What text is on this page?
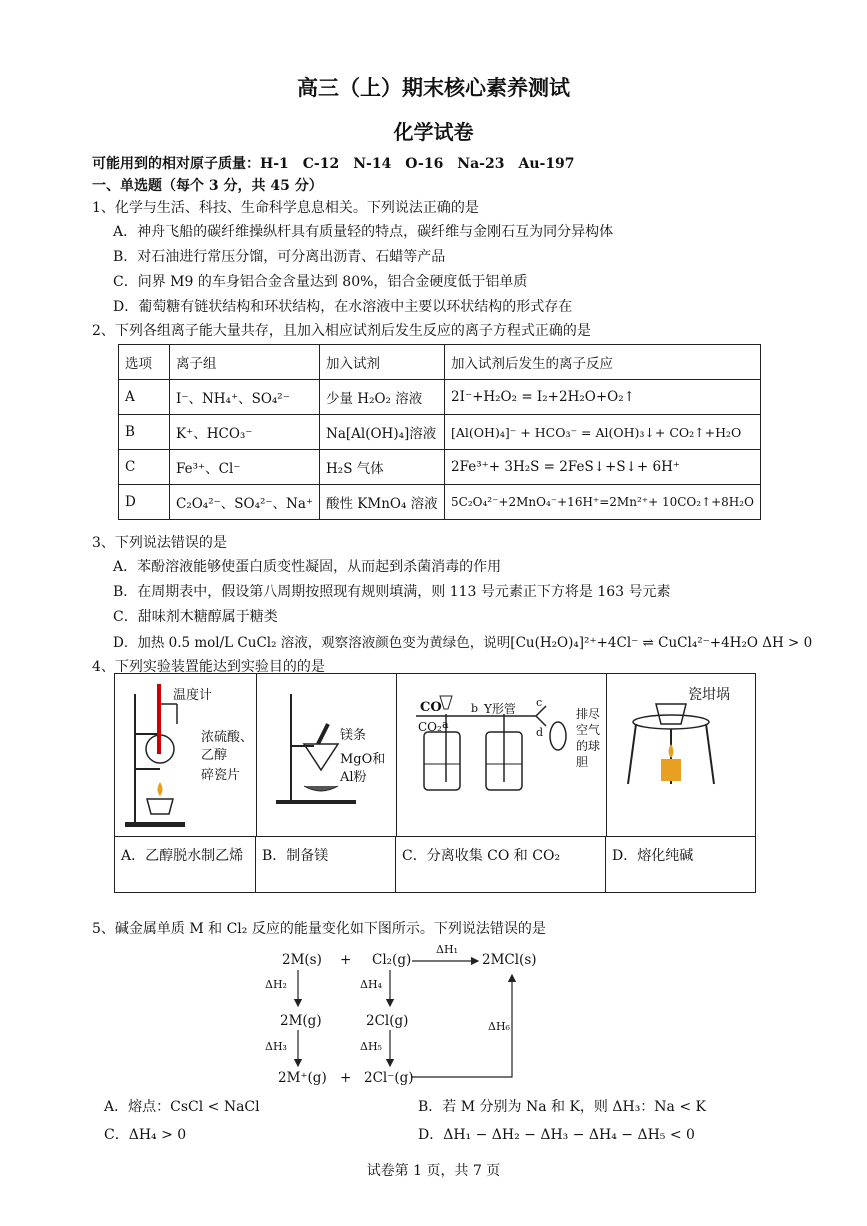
高三（上）期末核心素养测试
化学试卷
可能用到的相对原子质量：H-1　C-12　N-14　O-16　Na-23　Au-197
一、单选题（每个 3 分，共 45 分）
1、化学与生活、科技、生命科学息息相关。下列说法正确的是
A．神舟飞船的碳纤维操纵杆具有质量轻的特点，碳纤维与金刚石互为同分异构体
B．对石油进行常压分馏，可分离出沥青、石蜡等产品
C．问界 M9 的车身铝合金含量达到 80%，铝合金硬度低于铝单质
D．葡萄糖有链状结构和环状结构，在水溶液中主要以环状结构的形式存在
2、下列各组离子能大量共存，且加入相应试剂后发生反应的离子方程式正确的是
选项	离子组	加入试剂	加入试剂后发生的离子反应
A	I⁻、NH₄⁺、SO₄²⁻	少量 H₂O₂ 溶液	2I⁻+H₂O₂ = I₂+2H₂O+O₂↑
B	K⁺、HCO₃⁻	Na[Al(OH)₄]溶液	[Al(OH)₄]⁻ + HCO₃⁻ = Al(OH)₃↓+ CO₂↑+H₂O
C	Fe³⁺、Cl⁻	H₂S 气体	2Fe³⁺+ 3H₂S = 2FeS↓+S↓+ 6H⁺
D	C₂O₄²⁻、SO₄²⁻、Na⁺	酸性 KMnO₄ 溶液	5C₂O₄²⁻+2MnO₄⁻+16H⁺=2Mn²⁺+ 10CO₂↑+8H₂O
3、下列说法错误的是
A．苯酚溶液能够使蛋白质变性凝固，从而起到杀菌消毒的作用
B．在周期表中，假设第八周期按照现有规则填满，则 113 号元素正下方将是 163 号元素
C．甜味剂木糖醇属于糖类
D．加热 0.5 mol/L CuCl₂ 溶液，观察溶液颜色变为黄绿色，说明[Cu(H₂O)₄]²⁺+4Cl⁻ ⇌ CuCl₄²⁻+4H₂O ΔH > 0
4、下列实验装置能达到实验目的的是
温度计
浓硫酸、
乙醇
碎瓷片
镁条
MgO和
Al粉
CO
CO₂ a
b Y形管 c
d
排尽
空气
的球
胆
瓷坩埚
A．乙醇脱水制乙烯	B．制备镁	C．分离收集 CO 和 CO₂	D．熔化纯碱
5、碱金属单质 M 和 Cl₂ 反应的能量变化如下图所示。下列说法错误的是
2M(s) + Cl₂(g)
ΔH₁
2MCl(s)
ΔH₂	ΔH₄
2M(g)	2Cl(g)	ΔH₆
ΔH₃	ΔH₅
2M⁺(g) + 2Cl⁻(g)
A．熔点：CsCl < NaCl	B．若 M 分别为 Na 和 K，则 ΔH₃：Na < K
C．ΔH₄ > 0	D．ΔH₁ − ΔH₂ − ΔH₃ − ΔH₄ − ΔH₅ < 0
试卷第 1 页，共 7 页
